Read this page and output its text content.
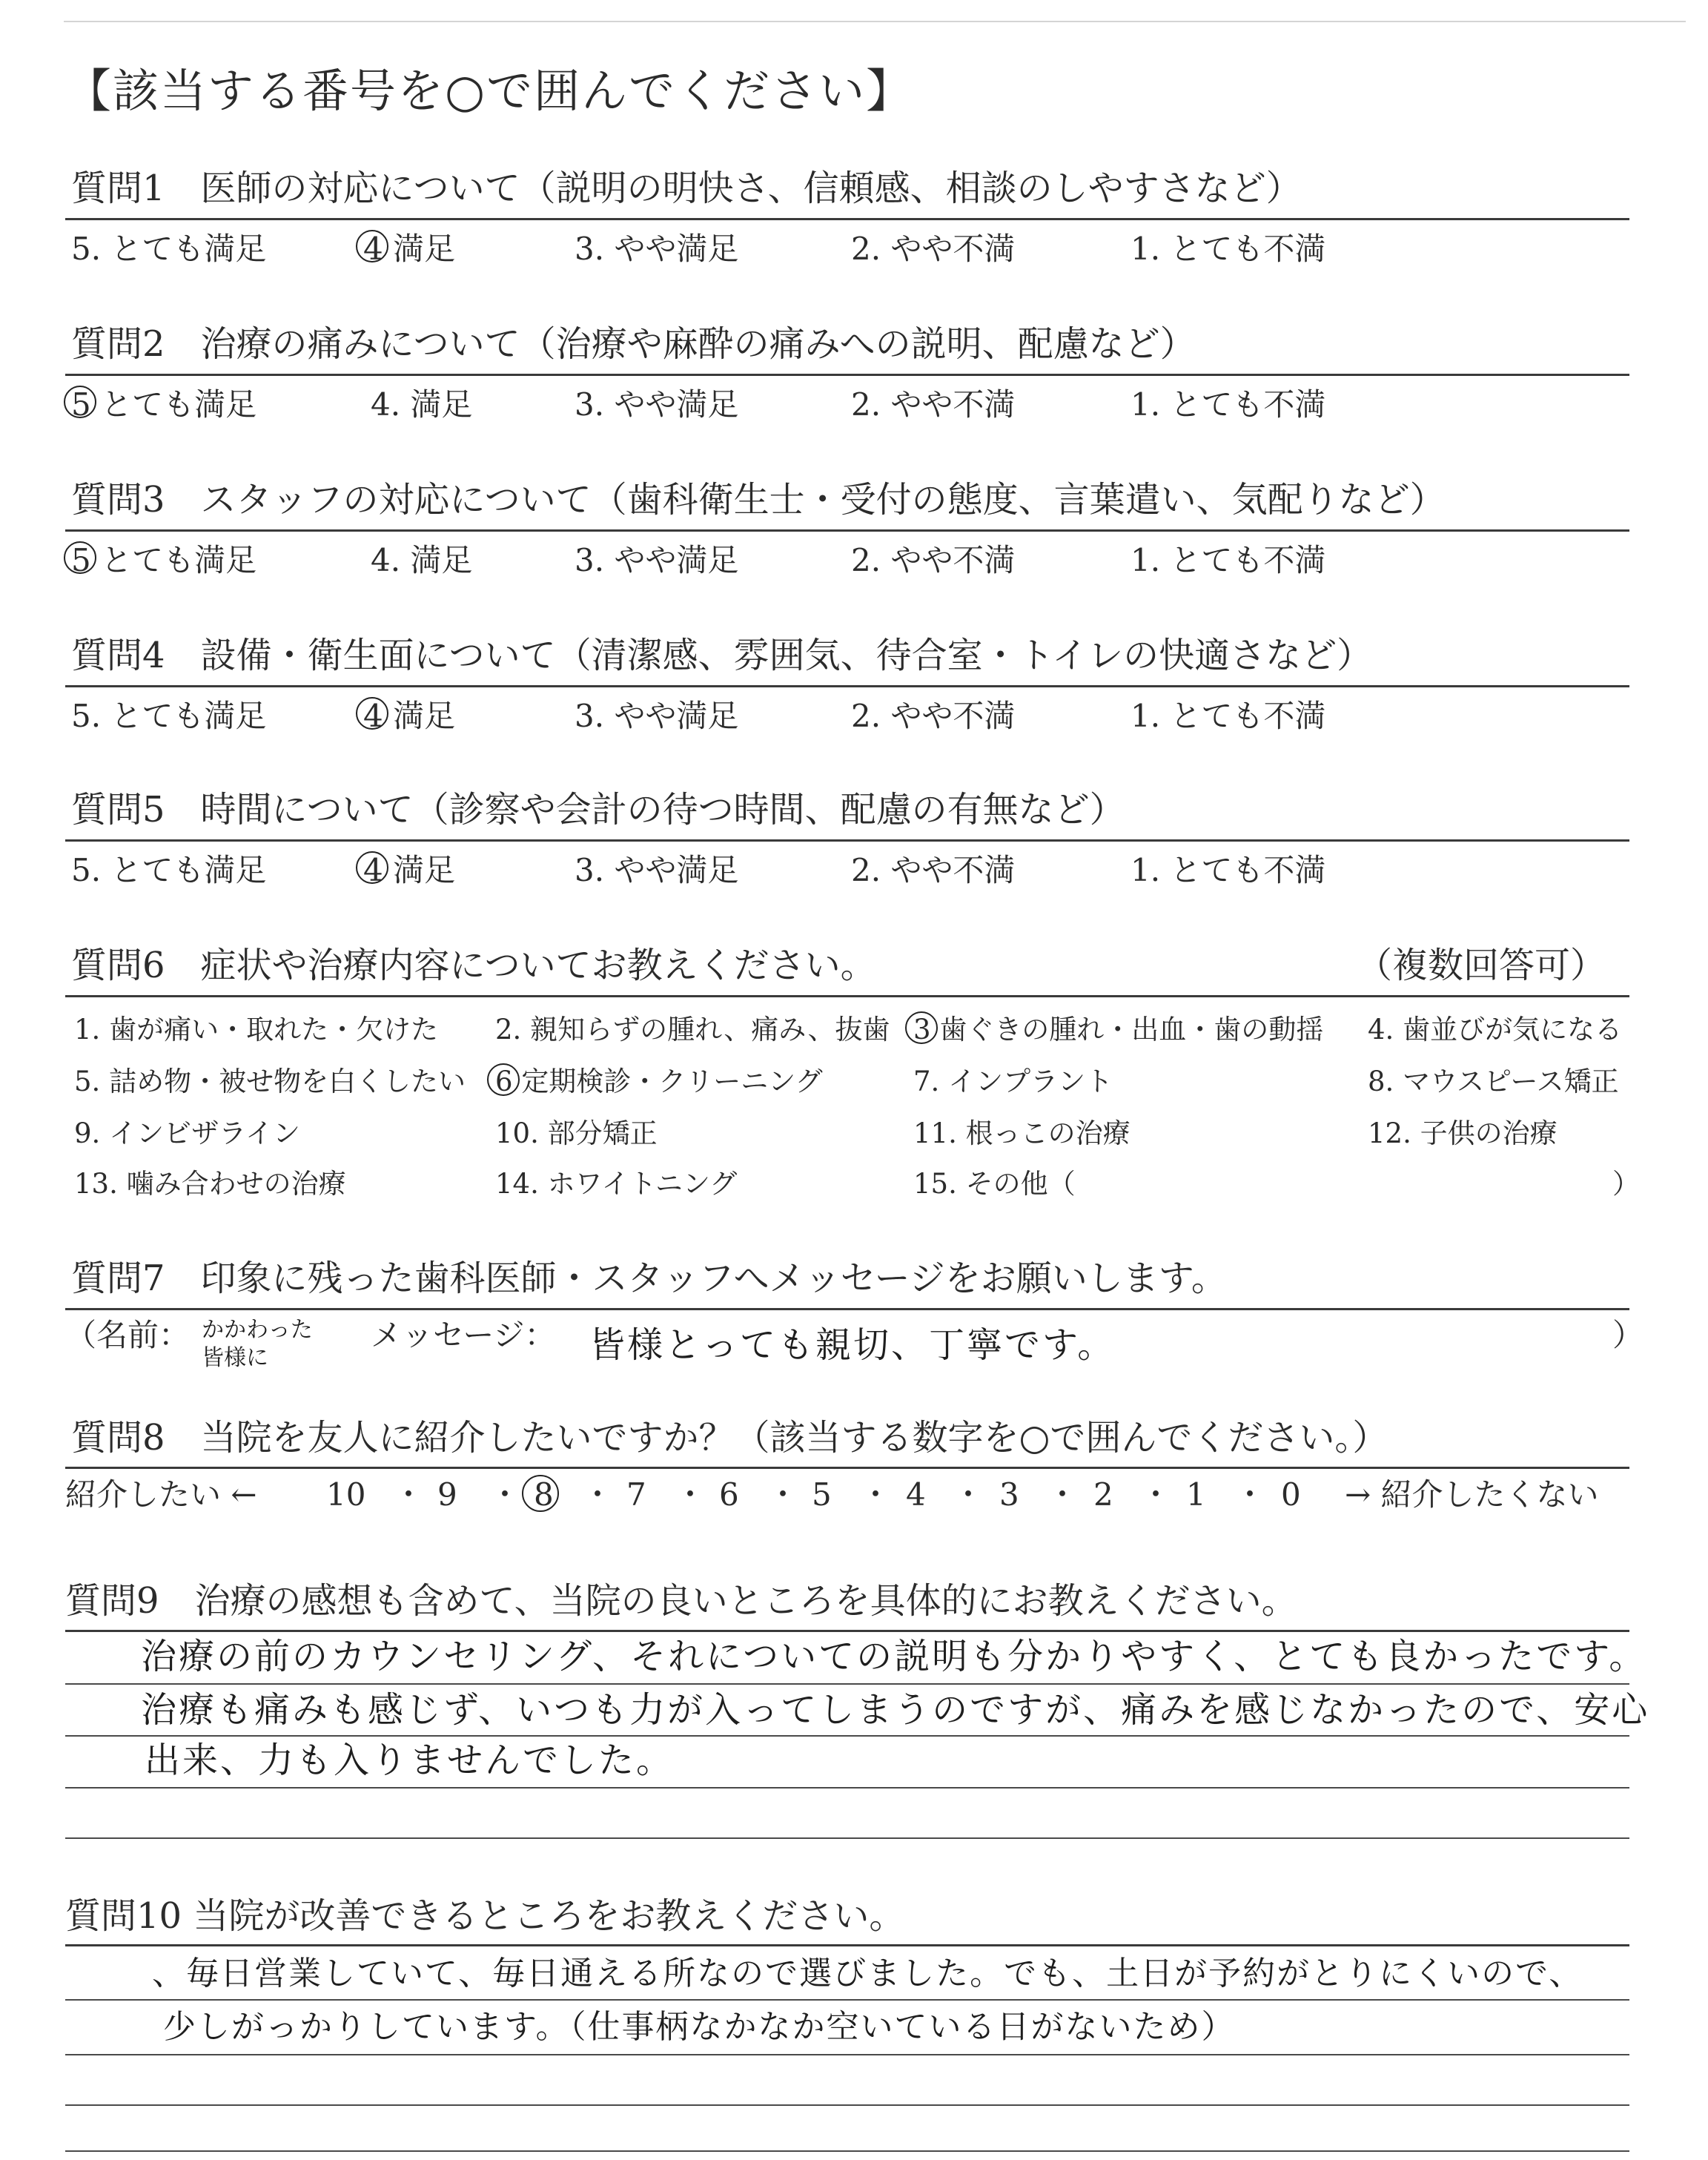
【該当する番号を○で囲んでください】
質問1　医師の対応について（説明の明快さ、信頼感、相談のしやすさなど）
5. とても満足	4 満足	3. やや満足	2. やや不満	1. とても不満
質問2　治療の痛みについて（治療や麻酔の痛みへの説明、配慮など）
5 とても満足	4. 満足	3. やや満足	2. やや不満	1. とても不満
質問3　スタッフの対応について（歯科衛生士・受付の態度、言葉遣い、気配りなど）
5 とても満足	4. 満足	3. やや満足	2. やや不満	1. とても不満
質問4　設備・衛生面について（清潔感、雰囲気、待合室・トイレの快適さなど）
5. とても満足	4 満足	3. やや満足	2. やや不満	1. とても不満
質問5　時間について（診察や会計の待つ時間、配慮の有無など）
5. とても満足	4 満足	3. やや満足	2. やや不満	1. とても不満
質問6　症状や治療内容についてお教えください。	（複数回答可）
1. 歯が痛い・取れた・欠けた 2. 親知らずの腫れ、痛み、抜歯 3 歯ぐきの腫れ・出血・歯の動揺 4. 歯並びが気になる
5. 詰め物・被せ物を白くしたい 6 定期検診・クリーニング	7. インプラント	8. マウスピース矯正
9. インビザライン	10. 部分矯正	11. 根っこの治療	12. 子供の治療
13. 噛み合わせの治療	14. ホワイトニング	15. その他（	）
質問7　印象に残った歯科医師・スタッフへメッセージをお願いします。
（名前： かかわった
皆様に
メッセージ： 皆様とっても親切、丁寧です。	）
質問8　当院を友人に紹介したいですか？（該当する数字を○で囲んでください。）
紹介したい ←	→ 紹介したくない
10 ・ 9 ・ 8 ・ 7 ・ 6 ・ 5 ・ 4 ・ 3 ・ 2 ・ 1 ・ 0
質問9　治療の感想も含めて、当院の良いところを具体的にお教えください。
治療の前のカウンセリング、それについての説明も分かりやすく、とても良かったです。
治療も痛みも感じず、いつも力が入ってしまうのですが、痛みを感じなかったので、安心
出来、力も入りませんでした。
質問10 当院が改善できるところをお教えください。
、毎日営業していて、毎日通える所なので選びました。でも、土日が予約がとりにくいので、
少しがっかりしています。（仕事柄なかなか空いている日がないため）
